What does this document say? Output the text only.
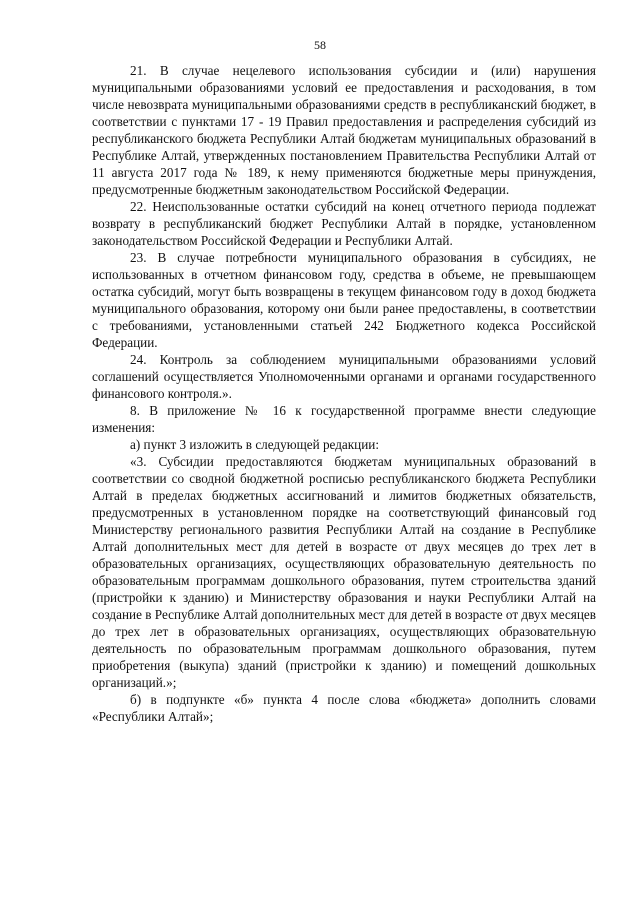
58

21. В случае нецелевого использования субсидии и (или) нарушения муниципальными образованиями условий ее предоставления и расходования, в том числе невозврата муниципальными образованиями средств в республиканский бюджет, в соответствии с пунктами 17 - 19 Правил предоставления и распределения субсидий из республиканского бюджета Республики Алтай бюджетам муниципальных образований в Республике Алтай, утвержденных постановлением Правительства Республики Алтай от 11 августа 2017 года № 189, к нему применяются бюджетные меры принуждения, предусмотренные бюджетным законодательством Российской Федерации.

22. Неиспользованные остатки субсидий на конец отчетного периода подлежат возврату в республиканский бюджет Республики Алтай в порядке, установленном законодательством Российской Федерации и Республики Алтай.

23. В случае потребности муниципального образования в субсидиях, не использованных в отчетном финансовом году, средства в объеме, не превышающем остатка субсидий, могут быть возвращены в текущем финансовом году в доход бюджета муниципального образования, которому они были ранее предоставлены, в соответствии с требованиями, установленными статьей 242 Бюджетного кодекса Российской Федерации.

24. Контроль за соблюдением муниципальными образованиями условий соглашений осуществляется Уполномоченными органами и органами государственного финансового контроля.».

8. В приложение № 16 к государственной программе внести следующие изменения:

а) пункт 3 изложить в следующей редакции:

«3. Субсидии предоставляются бюджетам муниципальных образований в соответствии со сводной бюджетной росписью республиканского бюджета Республики Алтай в пределах бюджетных ассигнований и лимитов бюджетных обязательств, предусмотренных в установленном порядке на соответствующий финансовый год Министерству регионального развития Республики Алтай на создание в Республике Алтай дополнительных мест для детей в возрасте от двух месяцев до трех лет в образовательных организациях, осуществляющих образовательную деятельность по образовательным программам дошкольного образования, путем строительства зданий (пристройки к зданию) и Министерству образования и науки Республики Алтай на создание в Республике Алтай дополнительных мест для детей в возрасте от двух месяцев до трех лет в образовательных организациях, осуществляющих образовательную деятельность по образовательным программам дошкольного образования, путем приобретения (выкупа) зданий (пристройки к зданию) и помещений дошкольных организаций.»;

б) в подпункте «б» пункта 4 после слова «бюджета» дополнить словами «Республики Алтай»;
